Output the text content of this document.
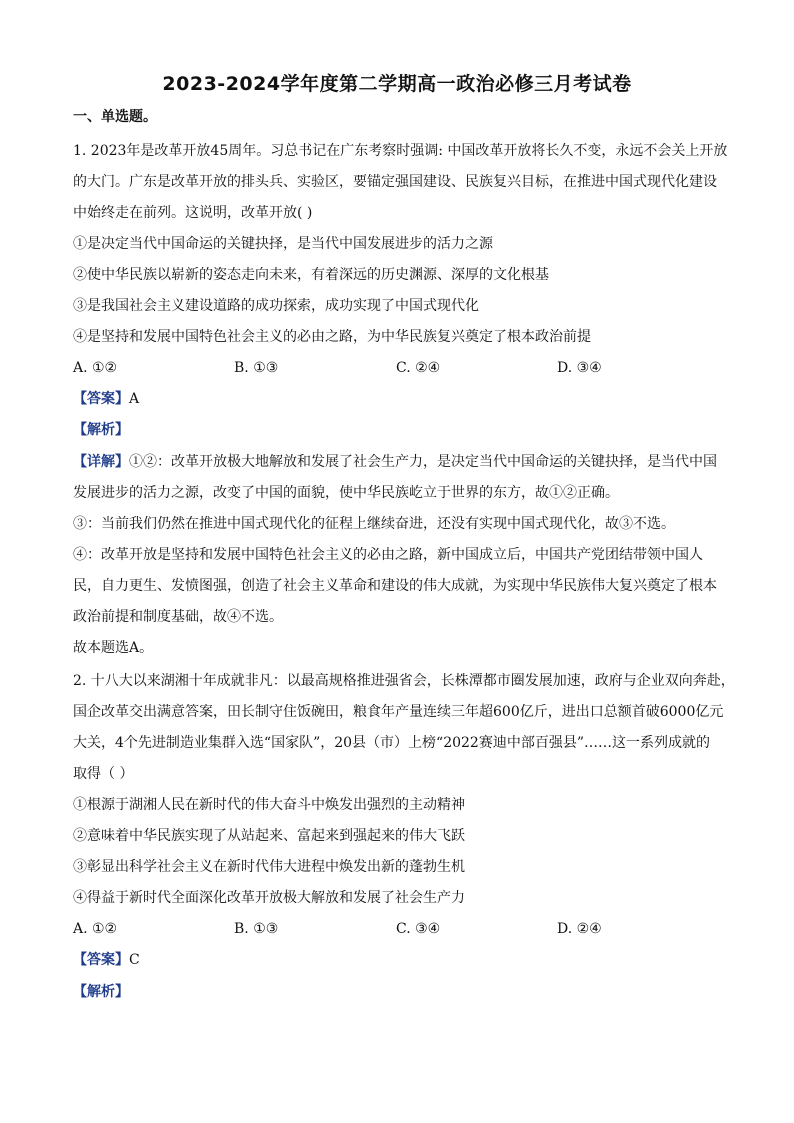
2023-2024学年度第二学期高一政治必修三月考试卷
一、单选题。
1. 2023年是改革开放45周年。习总书记在广东考察时强调: 中国改革开放将长久不变，永远不会关上开放
的大门。广东是改革开放的排头兵、实验区，要锚定强国建设、民族复兴目标，在推进中国式现代化建设
中始终走在前列。这说明，改革开放( )
①是决定当代中国命运的关键抉择，是当代中国发展进步的活力之源
②使中华民族以崭新的姿态走向未来，有着深远的历史渊源、深厚的文化根基
③是我国社会主义建设道路的成功探索，成功实现了中国式现代化
④是坚持和发展中国特色社会主义的必由之路，为中华民族复兴奠定了根本政治前提
A. ①②	B. ①③	C. ②④	D. ③④
【答案】A
【解析】
【详解】①②：改革开放极大地解放和发展了社会生产力，是决定当代中国命运的关键抉择，是当代中国
发展进步的活力之源，改变了中国的面貌，使中华民族屹立于世界的东方，故①②正确。
③：当前我们仍然在推进中国式现代化的征程上继续奋进，还没有实现中国式现代化，故③不选。
④：改革开放是坚持和发展中国特色社会主义的必由之路，新中国成立后，中国共产党团结带领中国人
民，自力更生、发愤图强，创造了社会主义革命和建设的伟大成就，为实现中华民族伟大复兴奠定了根本
政治前提和制度基础，故④不选。
故本题选A。
2. 十八大以来湖湘十年成就非凡：以最高规格推进强省会，长株潭都市圈发展加速，政府与企业双向奔赴，
国企改革交出满意答案，田长制守住饭碗田，粮食年产量连续三年超600亿斤，进出口总额首破6000亿元
大关，4个先进制造业集群入选“国家队”，20县（市）上榜“2022赛迪中部百强县”……这一系列成就的
取得（ ）
①根源于湖湘人民在新时代的伟大奋斗中焕发出强烈的主动精神
②意味着中华民族实现了从站起来、富起来到强起来的伟大飞跃
③彰显出科学社会主义在新时代伟大进程中焕发出新的蓬勃生机
④得益于新时代全面深化改革开放极大解放和发展了社会生产力
A. ①②	B. ①③	C. ③④	D. ②④
【答案】C
【解析】
